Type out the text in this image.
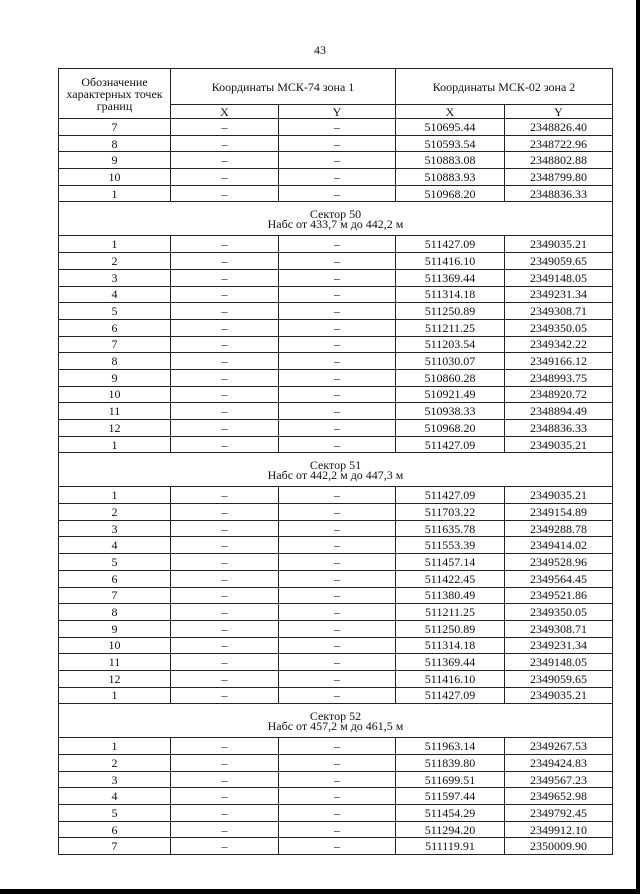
43
Обозначение характерных точек границ	Координаты МСК-74 зона 1		Координаты МСК-02 зона 2	
	X	Y	X	Y
7	–	–	510695.44	2348826.40
8	–	–	510593.54	2348722.96
9	–	–	510883.08	2348802.88
10	–	–	510883.93	2348799.80
1	–	–	510968.20	2348836.33

Сектор 50
Набс от 433,7 м до 442,2 м				

1	–	–	511427.09	2349035.21
2	–	–	511416.10	2349059.65
3	–	–	511369.44	2349148.05
4	–	–	511314.18	2349231.34
5	–	–	511250.89	2349308.71
6	–	–	511211.25	2349350.05
7	–	–	511203.54	2349342.22
8	–	–	511030.07	2349166.12
9	–	–	510860.28	2348993.75
10	–	–	510921.49	2348920.72
11	–	–	510938.33	2348894.49
12	–	–	510968.20	2348836.33
1	–	–	511427.09	2349035.21

Сектор 51
Набс от 442,2 м до 447,3 м				

1	–	–	511427.09	2349035.21
2	–	–	511703.22	2349154.89
3	–	–	511635.78	2349288.78
4	–	–	511553.39	2349414.02
5	–	–	511457.14	2349528.96
6	–	–	511422.45	2349564.45
7	–	–	511380.49	2349521.86
8	–	–	511211.25	2349350.05
9	–	–	511250.89	2349308.71
10	–	–	511314.18	2349231.34
11	–	–	511369.44	2349148.05
12	–	–	511416.10	2349059.65
1	–	–	511427.09	2349035.21

Сектор 52
Набс от 457,2 м до 461,5 м				

1	–	–	511963.14	2349267.53
2	–	–	511839.80	2349424.83
3	–	–	511699.51	2349567.23
4	–	–	511597.44	2349652.98
5	–	–	511454.29	2349792.45
6	–	–	511294.20	2349912.10
7	–	–	511119.91	2350009.90
